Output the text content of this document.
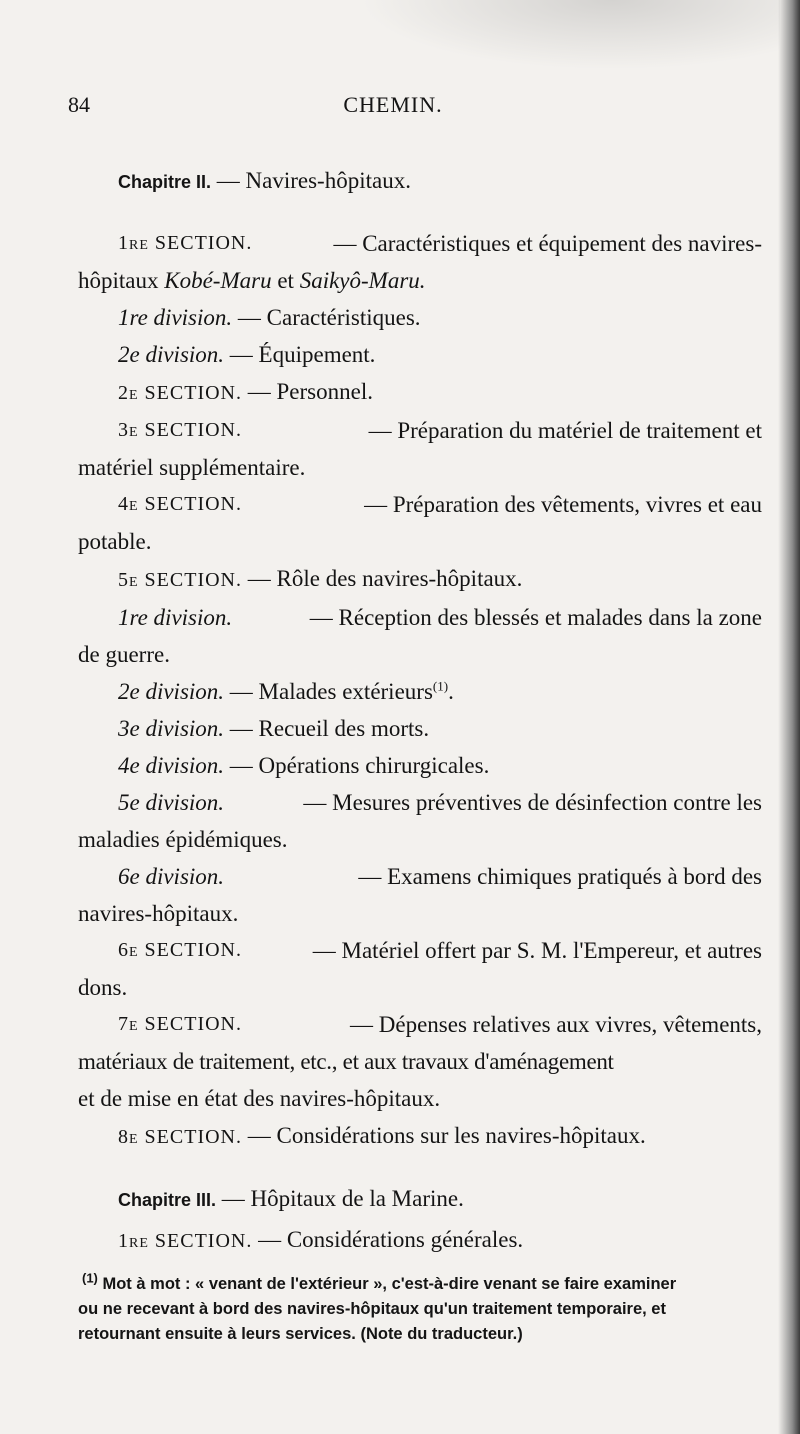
84	CHEMIN.
Chapitre II. — Navires-hôpitaux.
1re SECTION.	— Caractéristiques et équipement des navires-
hôpitaux Kobé-Maru et Saikyô-Maru.
1re division. — Caractéristiques.
2e division. — Équipement.
2e SECTION. — Personnel.
3e SECTION.	— Préparation du matériel de traitement et
matériel supplémentaire.
4e SECTION.	— Préparation des vêtements, vivres et eau
potable.
5e SECTION. — Rôle des navires-hôpitaux.
1re division.	— Réception des blessés et malades dans la zone
de guerre.
2e division. — Malades extérieurs$^{(1)}$.
3e division. — Recueil des morts.
4e division. — Opérations chirurgicales.
5e division.	— Mesures préventives de désinfection contre les
maladies épidémiques.
6e division.	— Examens chimiques pratiqués à bord des
navires-hôpitaux.
6e SECTION.	— Matériel offert par S. M. l'Empereur, et autres
dons.
7e SECTION.	— Dépenses relatives aux vivres, vêtements,
matériaux de traitement, etc., et aux travaux d'aménagement
et de mise en état des navires-hôpitaux.
8e SECTION. — Considérations sur les navires-hôpitaux.
Chapitre III. — Hôpitaux de la Marine.
1re SECTION. — Considérations générales.
$^{(1)}$ Mot à mot : « venant de l'extérieur », c'est-à-dire venant se faire examiner
ou ne recevant à bord des navires-hôpitaux qu'un traitement temporaire, et
retournant ensuite à leurs services. (Note du traducteur.)
